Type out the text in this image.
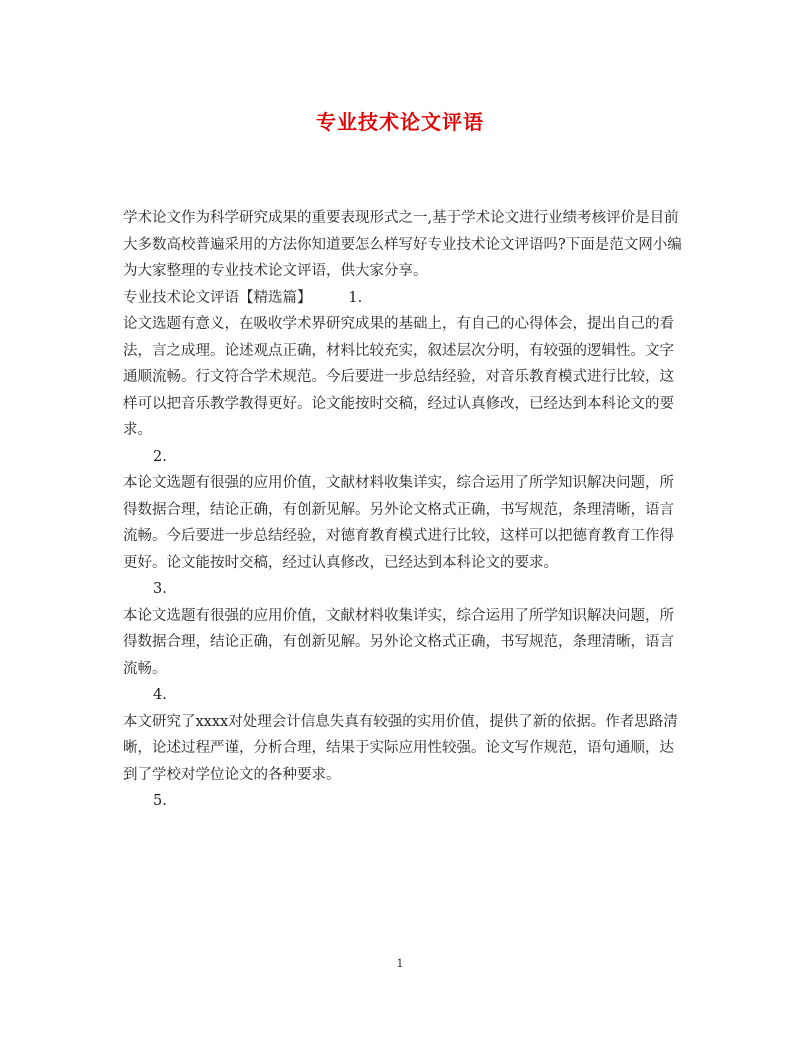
专业技术论文评语

学术论文作为科学研究成果的重要表现形式之一,基于学术论文进行业绩考核评价是目前大多数高校普遍采用的方法你知道要怎么样写好专业技术论文评语吗?下面是范文网小编为大家整理的专业技术论文评语，供大家分享。

专业技术论文评语【精选篇】	1.

论文选题有意义，在吸收学术界研究成果的基础上，有自己的心得体会，提出自己的看法，言之成理。论述观点正确，材料比较充实，叙述层次分明，有较强的逻辑性。文字通顺流畅。行文符合学术规范。今后要进一步总结经验，对音乐教育模式进行比较，这样可以把音乐教学教得更好。论文能按时交稿，经过认真修改，已经达到本科论文的要求。

2.

本论文选题有很强的应用价值，文献材料收集详实，综合运用了所学知识解决问题，所得数据合理，结论正确，有创新见解。另外论文格式正确，书写规范，条理清晰，语言流畅。今后要进一步总结经验，对德育教育模式进行比较，这样可以把德育教育工作得更好。论文能按时交稿，经过认真修改，已经达到本科论文的要求。

3.

本论文选题有很强的应用价值，文献材料收集详实，综合运用了所学知识解决问题，所得数据合理，结论正确，有创新见解。另外论文格式正确，书写规范，条理清晰，语言流畅。

4.

本文研究了xxxx对处理会计信息失真有较强的实用价值，提供了新的依据。作者思路清晰，论述过程严谨，分析合理，结果于实际应用性较强。论文写作规范，语句通顺，达到了学校对学位论文的各种要求。

5.

1
